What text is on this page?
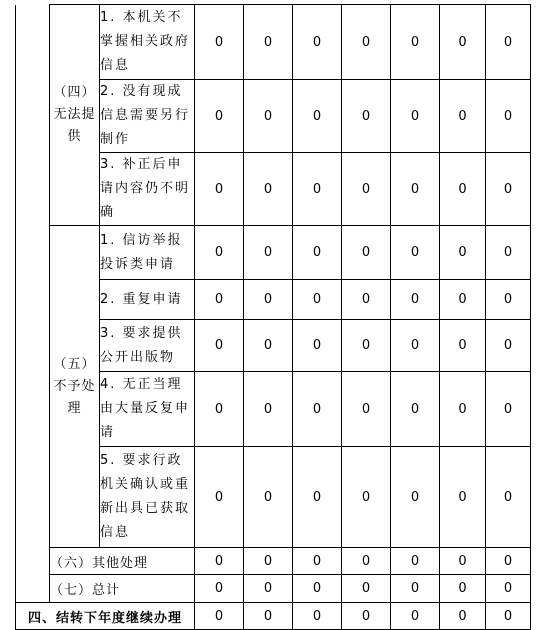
	（四）无法提供	1. 本机关不掌握相关政府信息	0	0	0	0	0	0	0
		2. 没有现成信息需要另行制作	0	0	0	0	0	0	0
		3. 补正后申请内容仍不明确	0	0	0	0	0	0	0
	（五）不予处理	1. 信访举报投诉类申请	0	0	0	0	0	0	0
		2. 重复申请	0	0	0	0	0	0	0
		3. 要求提供公开出版物	0	0	0	0	0	0	0
		4. 无正当理由大量反复申请	0	0	0	0	0	0	0
		5. 要求行政机关确认或重新出具已获取信息	0	0	0	0	0	0	0
	（六）其他处理		0	0	0	0	0	0	0
	（七）总计		0	0	0	0	0	0	0
四、结转下年度继续办理			0	0	0	0	0	0	0
